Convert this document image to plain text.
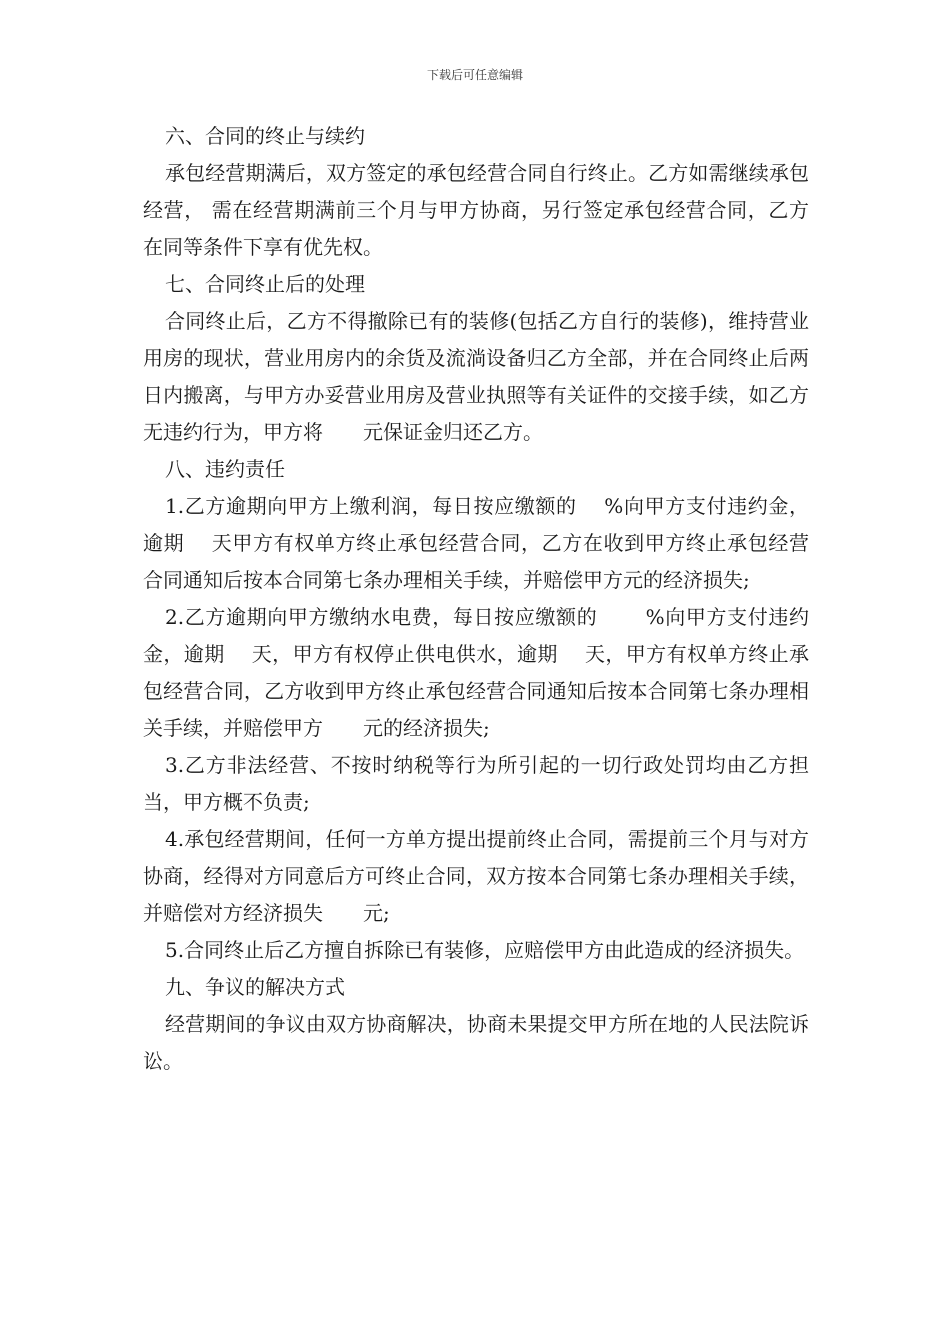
下载后可任意编辑
六、合同的终止与续约

承包经营期满后，双方签定的承包经营合同自行终止。乙方如需继续承包经营， 需在经营期满前三个月与甲方协商，另行签定承包经营合同，乙方在同等条件下享有优先权。

七、合同终止后的处理

合同终止后，乙方不得撤除已有的装修(包括乙方自行的装修)，维持营业用房的现状，营业用房内的余货及流淌设备归乙方全部，并在合同终止后两日内搬离，与甲方办妥营业用房及营业执照等有关证件的交接手续，如乙方无违约行为，甲方将　　元保证金归还乙方。

八、违约责任

1.乙方逾期向甲方上缴利润，每日按应缴额的　 %向甲方支付违约金，逾期　 天甲方有权单方终止承包经营合同，乙方在收到甲方终止承包经营合同通知后按本合同第七条办理相关手续，并赔偿甲方元的经济损失;

2.乙方逾期向甲方缴纳水电费，每日按应缴额的　　 %向甲方支付违约金，逾期　 天，甲方有权停止供电供水，逾期　 天，甲方有权单方终止承包经营合同，乙方收到甲方终止承包经营合同通知后按本合同第七条办理相关手续，并赔偿甲方　　元的经济损失;

3.乙方非法经营、不按时纳税等行为所引起的一切行政处罚均由乙方担当，甲方概不负责;

4.承包经营期间，任何一方单方提出提前终止合同，需提前三个月与对方协商，经得对方同意后方可终止合同，双方按本合同第七条办理相关手续，并赔偿对方经济损失　　元;

5.合同终止后乙方擅自拆除已有装修，应赔偿甲方由此造成的经济损失。

九、争议的解决方式

经营期间的争议由双方协商解决，协商未果提交甲方所在地的人民法院诉讼。
